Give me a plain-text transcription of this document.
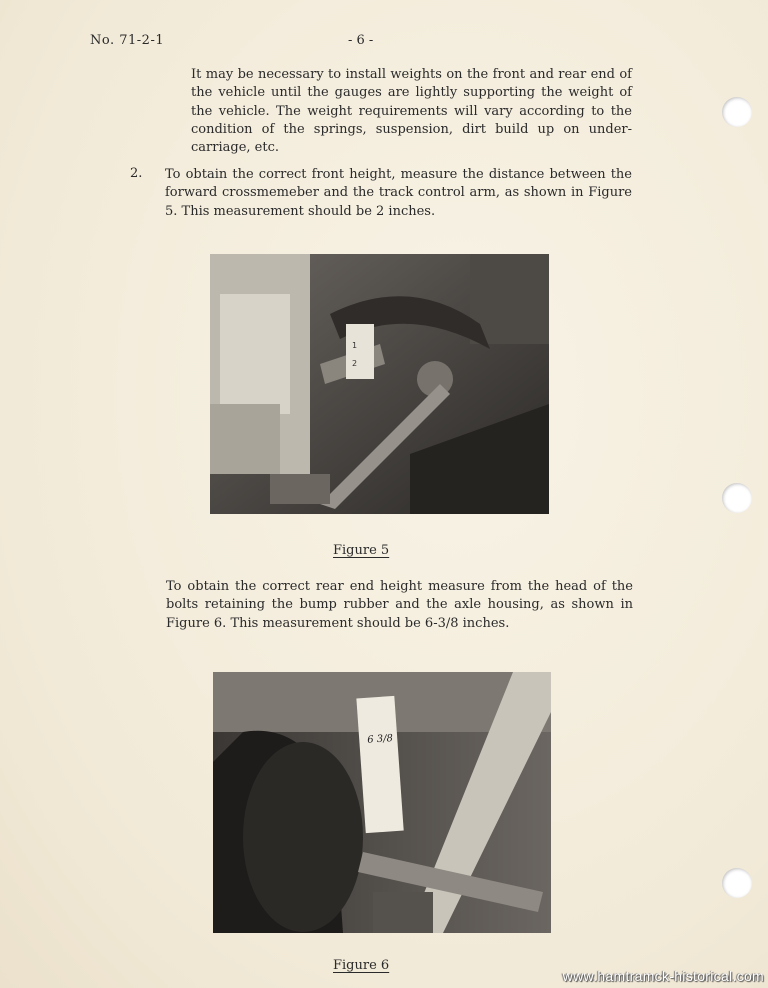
No. 71-2-1	- 6 -
It may be necessary to install weights on the front and rear end of the vehicle until the gauges are lightly supporting the weight of the vehicle. The weight requirements will vary according to the condition of the springs, suspension, dirt build up on under-carriage, etc.
2. To obtain the correct front height, measure the distance between the forward crossmemeber and the track control arm, as shown in Figure 5. This measurement should be 2 inches.
1
2
Figure 5
To obtain the correct rear end height measure from the head of the bolts retaining the bump rubber and the axle housing, as shown in Figure 6. This measurement should be 6-3/8 inches.
6 3/8
Figure 6
www.hamtramck-historical.com
